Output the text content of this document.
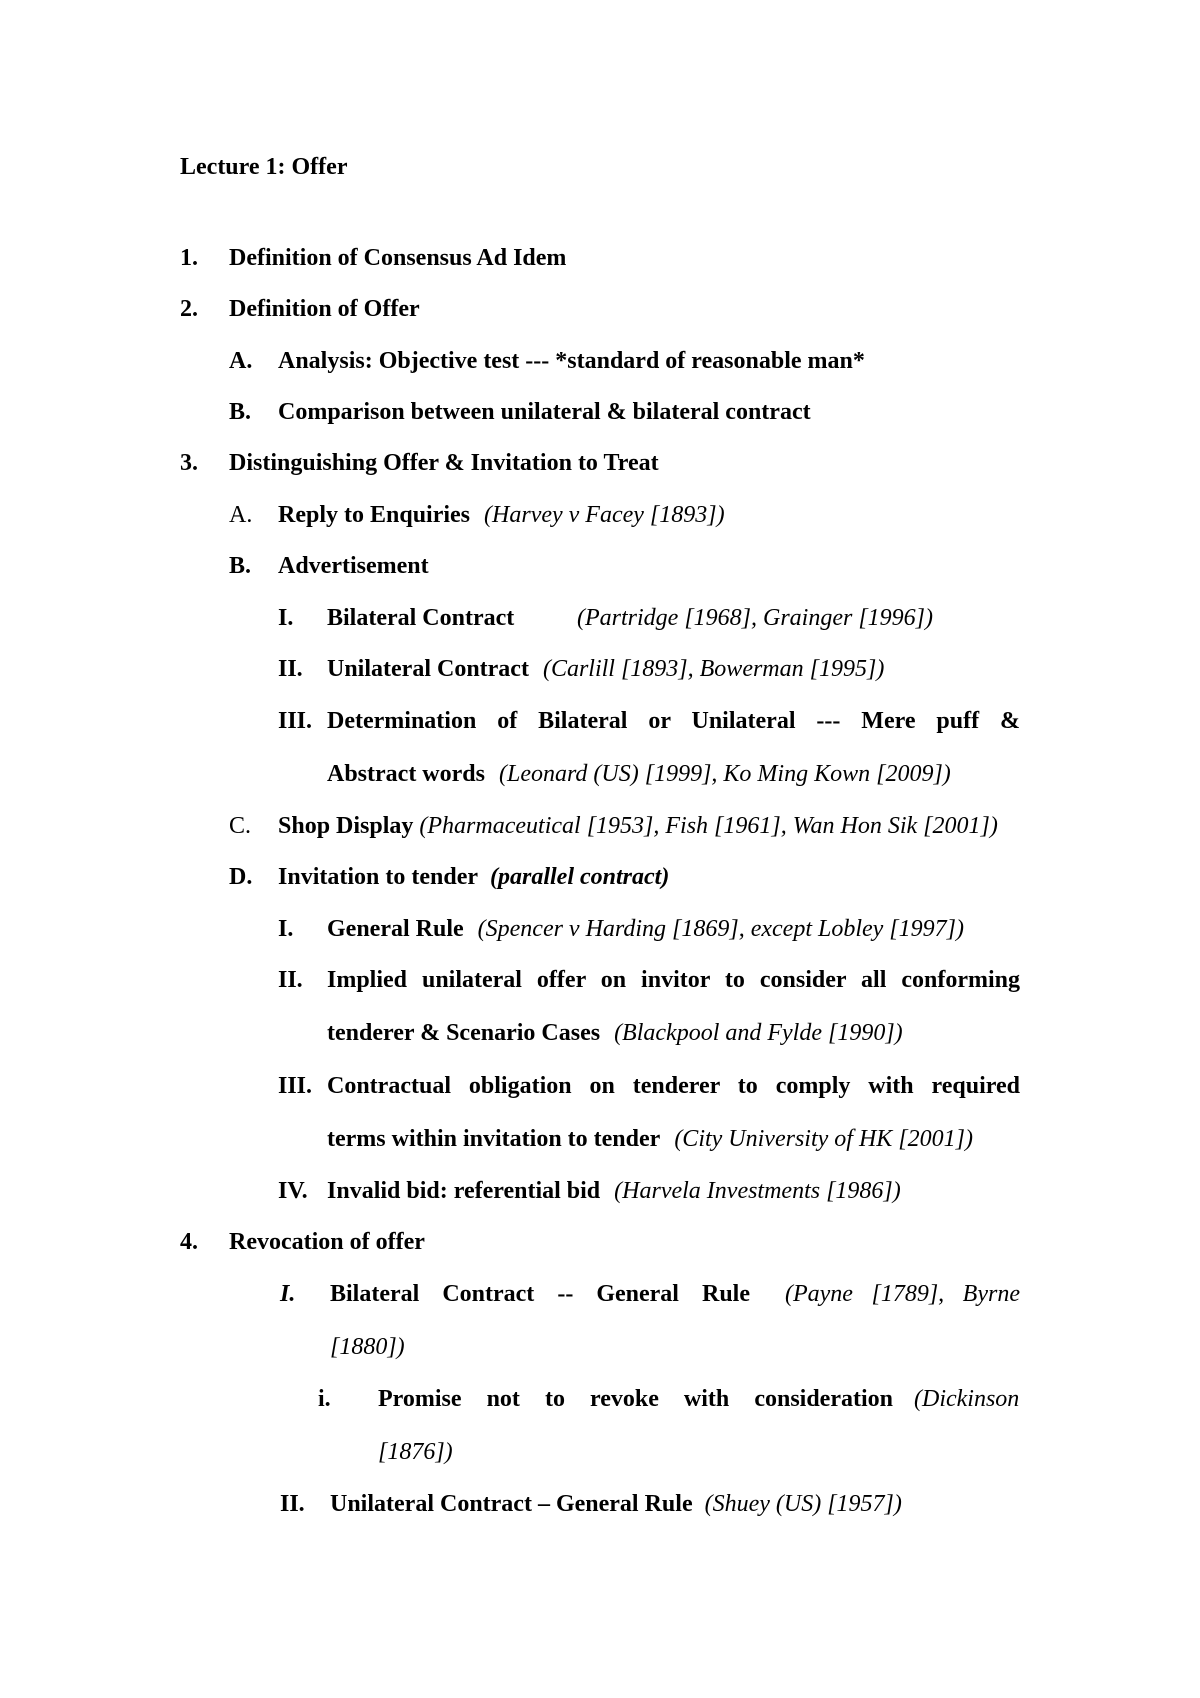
Lecture 1: Offer
1. Definition of Consensus Ad Idem
2. Definition of Offer
A. Analysis: Objective test --- *standard of reasonable man*
B. Comparison between unilateral & bilateral contract
3. Distinguishing Offer & Invitation to Treat
A. Reply to Enquiries (Harvey v Facey [1893])
B. Advertisement
I. Bilateral Contract	(Partridge [1968], Grainger [1996])
II. Unilateral Contract (Carlill [1893], Bowerman [1995])
III. Determination of Bilateral or Unilateral --- Mere puff &
Abstract words (Leonard (US) [1999], Ko Ming Kown [2009])
C. Shop Display (Pharmaceutical [1953], Fish [1961], Wan Hon Sik [2001])
D. Invitation to tender (parallel contract)
I. General Rule (Spencer v Harding [1869], except Lobley [1997])
II. Implied unilateral offer on invitor to consider all conforming
tenderer & Scenario Cases (Blackpool and Fylde [1990])
III. Contractual obligation on tenderer to comply with required
terms within invitation to tender (City University of HK [2001])
IV. Invalid bid: referential bid (Harvela Investments [1986])
4. Revocation of offer
I. Bilateral Contract -- General Rule (Payne [1789], Byrne
[1880])
i. Promise not to revoke with consideration (Dickinson
[1876])
II. Unilateral Contract – General Rule (Shuey (US) [1957])
